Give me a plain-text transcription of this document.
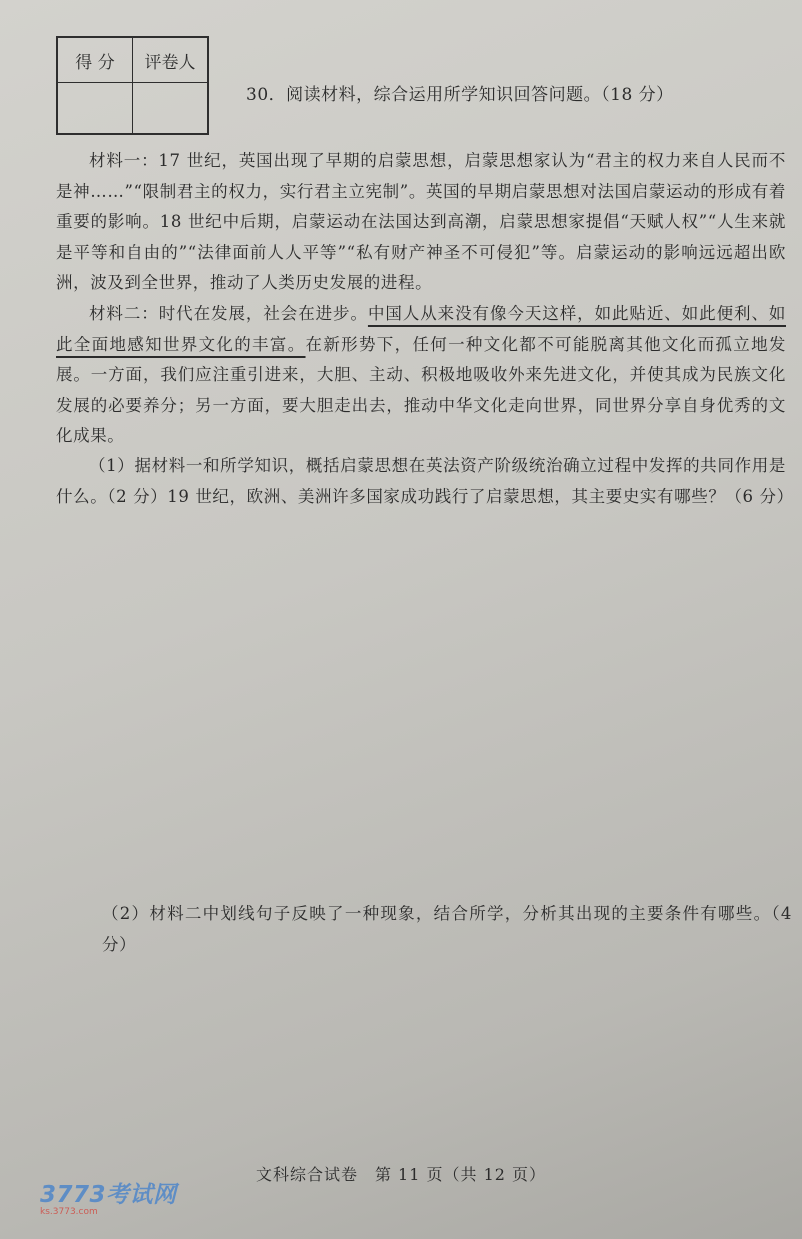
得 分	评卷人

30．阅读材料，综合运用所学知识回答问题。（18 分）

材料一：17 世纪，英国出现了早期的启蒙思想，启蒙思想家认为“君主的权力来自人民而不是神……”“限制君主的权力，实行君主立宪制”。英国的早期启蒙思想对法国启蒙运动的形成有着重要的影响。18 世纪中后期，启蒙运动在法国达到高潮，启蒙思想家提倡“天赋人权”“人生来就是平等和自由的”“法律面前人人平等”“私有财产神圣不可侵犯”等。启蒙运动的影响远远超出欧洲，波及到全世界，推动了人类历史发展的进程。

材料二：时代在发展，社会在进步。中国人从来没有像今天这样，如此贴近、如此便利、如此全面地感知世界文化的丰富。在新形势下，任何一种文化都不可能脱离其他文化而孤立地发展。一方面，我们应注重引进来，大胆、主动、积极地吸收外来先进文化，并使其成为民族文化发展的必要养分；另一方面，要大胆走出去，推动中华文化走向世界，同世界分享自身优秀的文化成果。

（1）据材料一和所学知识，概括启蒙思想在英法资产阶级统治确立过程中发挥的共同作用是什么。（2 分）19 世纪，欧洲、美洲许多国家成功践行了启蒙思想，其主要史实有哪些？（6 分）

（2）材料二中划线句子反映了一种现象，结合所学，分析其出现的主要条件有哪些。（4 分）

文科综合试卷　第 11 页（共 12 页）
3773考试网
ks.3773.com
